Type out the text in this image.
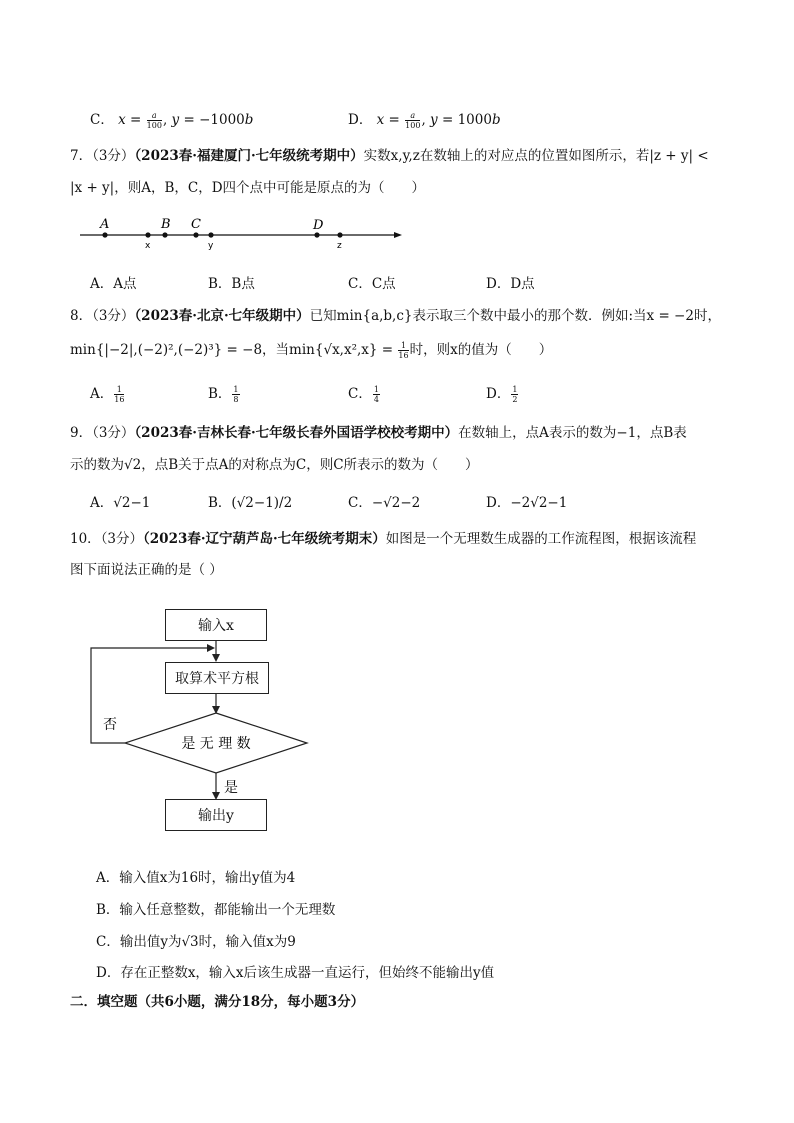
C． $x = \frac{a}{100}$ , y = −1000b	D． $x = \frac{a}{100}$ , y = 1000b
7．（3分）（2023春·福建厦门·七年级统考期中）实数x,y,z在数轴上的对应点的位置如图所示，若|z + y| <
|x + y|，则A，B，C，D四个点中可能是原点的为（　　）
A	B C	D
x	y	z
A．A点	B．B点	C．C点	D．D点
8．（3分）（2023春·北京·七年级期中）已知min{a,b,c}表示取三个数中最小的那个数．例如:当x = −2时，
min{|−2|,(−2)²,(−2)³} = −8，当$\min\{√x,x^2,x\} = \frac{1}{16}$ 时，则x的值为（　　）
A． $\frac{1}{16}$	B． $\frac{1}{8}$	C． $\frac{1}{4}$	D． $\frac{1}{2}$
9．（3分）（2023春·吉林长春·七年级长春外国语学校校考期中）在数轴上，点A表示的数为−1，点B表
示的数为√2，点B关于点A的对称点为C，则C所表示的数为（　　）
A．√2−1	B．(√2−1)/2	C．−√2−2	D．−2√2−1
10．（3分）（2023春·辽宁葫芦岛·七年级统考期末）如图是一个无理数生成器的工作流程图，根据该流程
图下面说法正确的是（ ）
是 无 理 数
否
是
输入x
取算术平方根
输出y
A．输入值x为16时，输出y值为4
B．输入任意整数，都能输出一个无理数
C．输出值y为√3时，输入值x为9
D．存在正整数x，输入x后该生成器一直运行，但始终不能输出y值
二．填空题（共6小题，满分18分，每小题3分）
